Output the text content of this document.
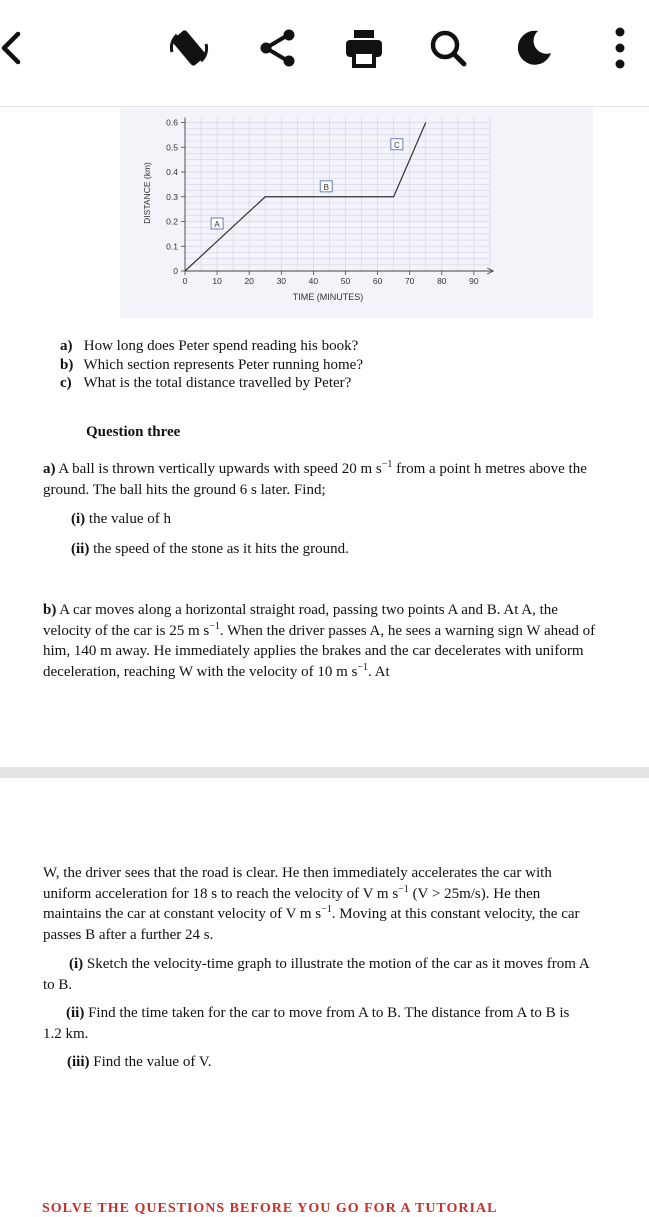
0	10	20	30	40	50	60	70	80	90
0
0.1
0.2
0.3
0.4
0.5
0.6
A
B
C
DISTANCE (km)
TIME (MINUTES)
a) How long does Peter spend reading his book?
b) Which section represents Peter running home?
c) What is the total distance travelled by Peter?
Question three
a) A ball is thrown vertically upwards with speed 20 m $s^{-1}$ from a point h metres above the ground. The ball hits the ground 6 s later. Find;
(i) the value of h
(ii) the speed of the stone as it hits the ground.
b) A car moves along a horizontal straight road, passing two points A and B. At A, the velocity of the car is 25 m $s^{-1}$. When the driver passes A, he sees a warning sign W ahead of him, 140 m away. He immediately applies the brakes and the car decelerates with uniform deceleration, reaching W with the velocity of 10 m $s^{-1}$. At
W, the driver sees that the road is clear. He then immediately accelerates the car with uniform acceleration for 18 s to reach the velocity of V m $s^{-1}$ (V > 25m/s). He then maintains the car at constant velocity of V m $s^{-1}$. Moving at this constant velocity, the car passes B after a further 24 s.
(i) Sketch the velocity-time graph to illustrate the motion of the car as it moves from A to B.
(ii) Find the time taken for the car to move from A to B. The distance from A to B is 1.2 km.
(iii) Find the value of V.
SOLVE THE QUESTIONS BEFORE YOU GO FOR A TUTORIAL
